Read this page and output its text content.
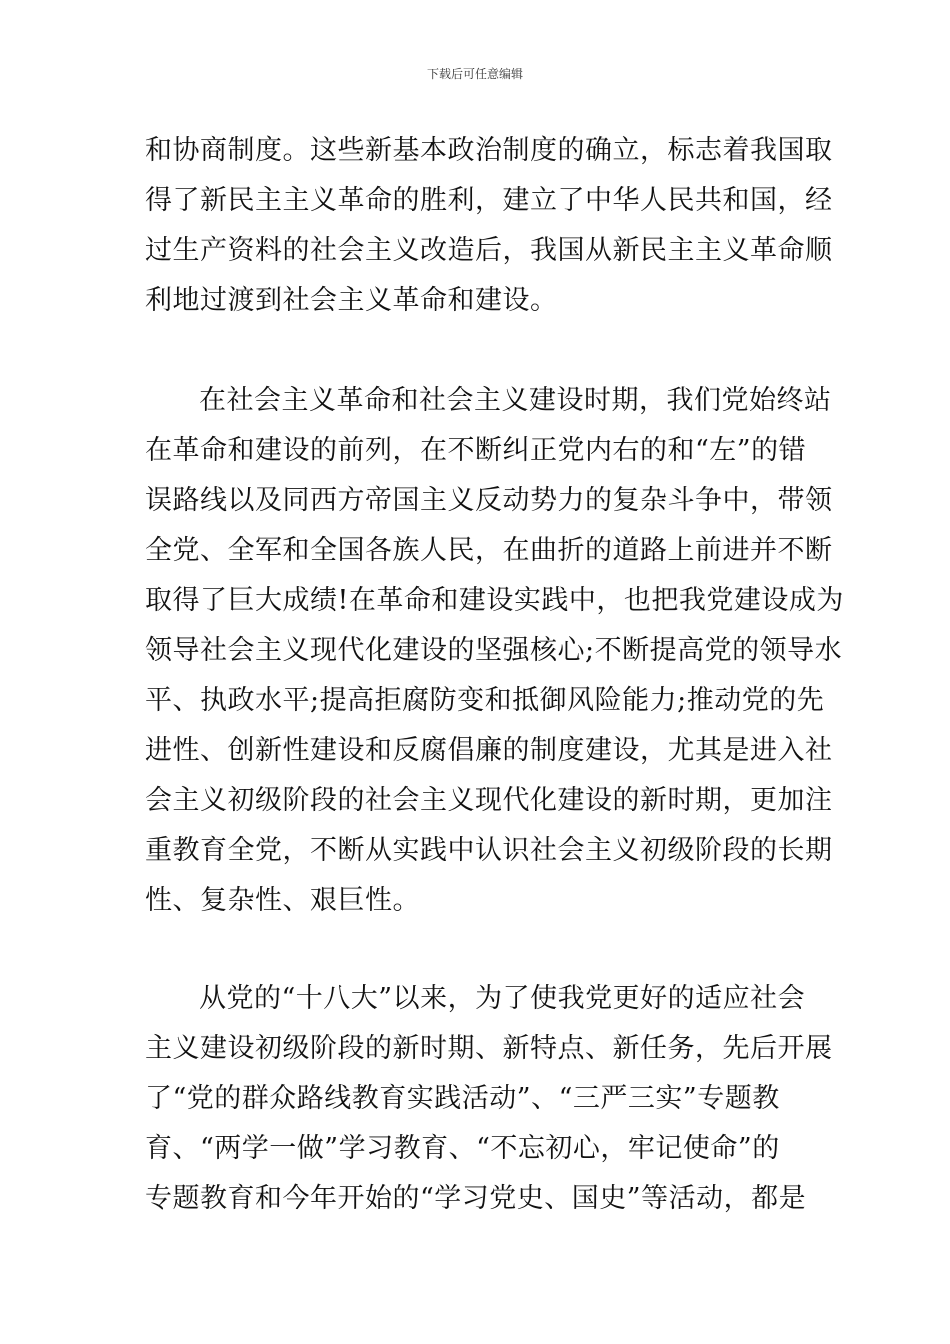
下载后可任意编辑
和协商制度。这些新基本政治制度的确立，标志着我国取
得了新民主主义革命的胜利，建立了中华人民共和国，经
过生产资料的社会主义改造后，我国从新民主主义革命顺
利地过渡到社会主义革命和建设。
在社会主义革命和社会主义建设时期，我们党始终站
在革命和建设的前列，在不断纠正党内右的和“左”的错
误路线以及同西方帝国主义反动势力的复杂斗争中，带领
全党、全军和全国各族人民，在曲折的道路上前进并不断
取得了巨大成绩!在革命和建设实践中，也把我党建设成为
领导社会主义现代化建设的坚强核心;不断提高党的领导水
平、执政水平;提高拒腐防变和抵御风险能力;推动党的先
进性、创新性建设和反腐倡廉的制度建设，尤其是进入社
会主义初级阶段的社会主义现代化建设的新时期，更加注
重教育全党，不断从实践中认识社会主义初级阶段的长期
性、复杂性、艰巨性。
从党的“十八大”以来，为了使我党更好的适应社会
主义建设初级阶段的新时期、新特点、新任务，先后开展
了“党的群众路线教育实践活动”、“三严三实”专题教
育、“两学一做”学习教育、“不忘初心，牢记使命”的
专题教育和今年开始的“学习党史、国史”等活动，都是
